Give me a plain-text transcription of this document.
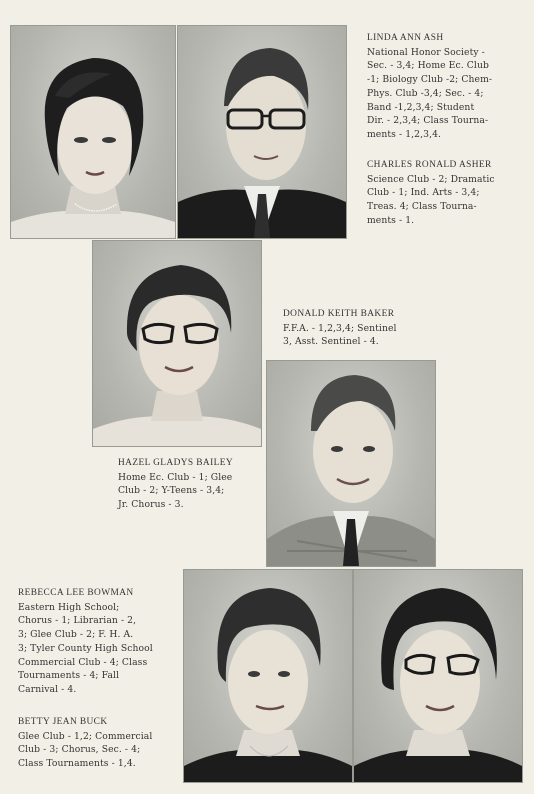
LINDA ANN ASH
National Honor Society -
Sec. - 3,4; Home Ec. Club
-1; Biology Club -2; Chem-
Phys. Club -3,4; Sec. - 4;
Band -1,2,3,4; Student
Dir. - 2,3,4; Class Tourna-
ments - 1,2,3,4.
CHARLES RONALD ASHER
Science Club - 2; Dramatic
Club - 1; Ind. Arts - 3,4;
Treas. 4; Class Tourna-
ments - 1.
DONALD KEITH BAKER
F.F.A. - 1,2,3,4; Sentinel
3, Asst. Sentinel - 4.
HAZEL GLADYS BAILEY
Home Ec. Club - 1; Glee
Club - 2; Y-Teens - 3,4;
Jr. Chorus - 3.
REBECCA LEE BOWMAN
Eastern High School;
Chorus - 1; Librarian - 2,
3; Glee Club - 2; F. H. A.
3; Tyler County High School
Commercial Club - 4; Class
Tournaments - 4; Fall
Carnival - 4.
BETTY JEAN BUCK
Glee Club - 1,2; Commercial
Club - 3; Chorus, Sec. - 4;
Class Tournaments - 1,4.
